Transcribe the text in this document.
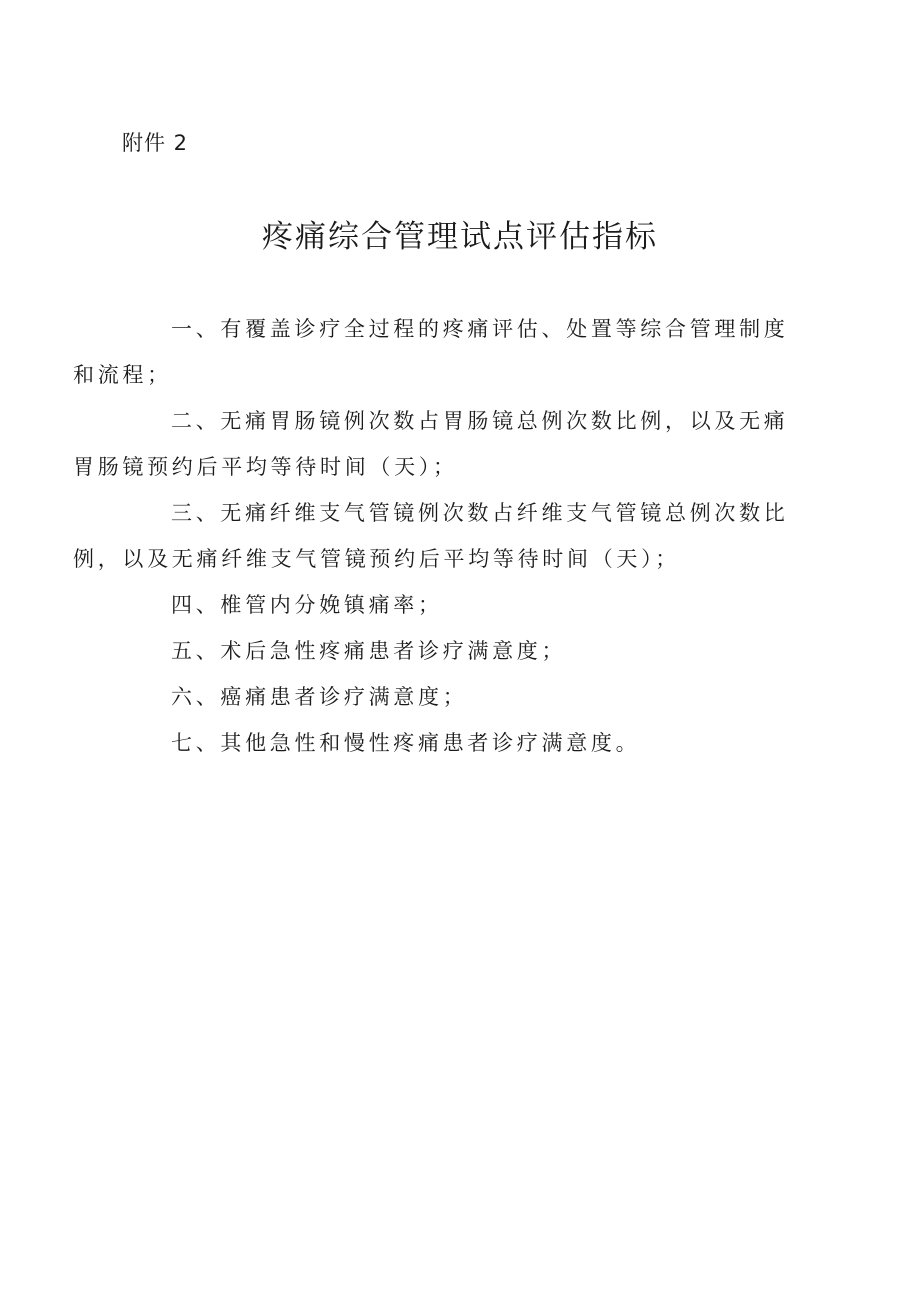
附件 2
疼痛综合管理试点评估指标

一、有覆盖诊疗全过程的疼痛评估、处置等综合管理制度
和流程；

二、无痛胃肠镜例次数占胃肠镜总例次数比例，以及无痛
胃肠镜预约后平均等待时间（天）；

三、无痛纤维支气管镜例次数占纤维支气管镜总例次数比
例，以及无痛纤维支气管镜预约后平均等待时间（天）；

四、椎管内分娩镇痛率；

五、术后急性疼痛患者诊疗满意度；

六、癌痛患者诊疗满意度；

七、其他急性和慢性疼痛患者诊疗满意度。
